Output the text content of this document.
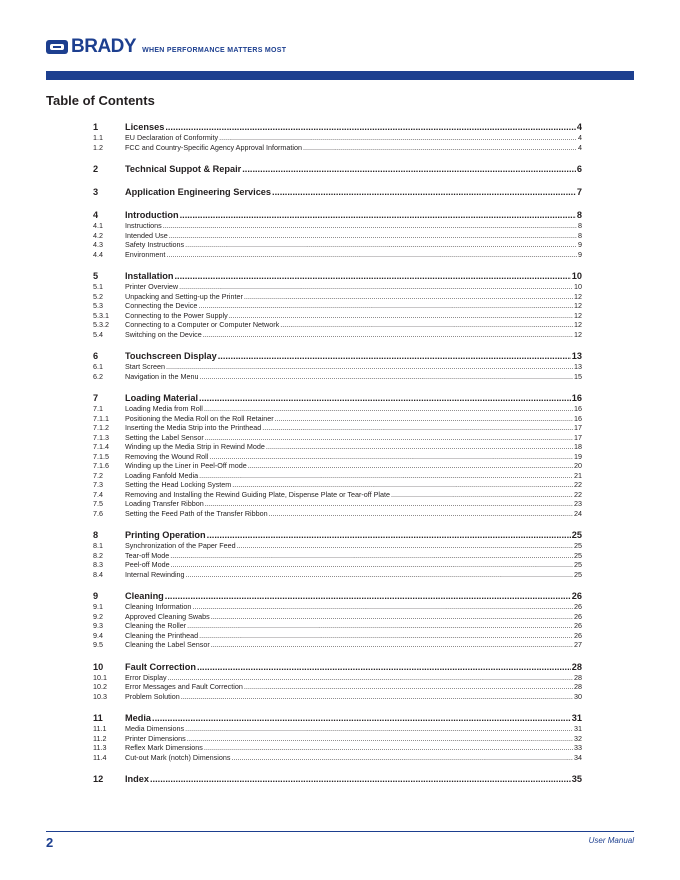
BRADY WHEN PERFORMANCE MATTERS MOST
Table of Contents
1	Licenses .....	4
1.1	EU Declaration of Conformity .....	4
1.2	FCC and Country-Specific Agency Approval Information .....	4
2	Technical Suppot & Repair .....	6
3	Application Engineering Services .....	7
4	Introduction .....	8
4.1	Instructions .....	8
4.2	Intended Use .....	8
4.3	Safety Instructions .....	9
4.4	Environment .....	9
5	Installation .....	10
5.1	Printer Overview .....	10
5.2	Unpacking and Setting-up the Printer .....	12
5.3	Connecting the Device .....	12
5.3.1	Connecting to the Power Supply .....	12
5.3.2	Connecting to a Computer or Computer Network .....	12
5.4	Switching on the Device .....	12
6	Touchscreen Display .....	13
6.1	Start Screen .....	13
6.2	Navigation in the Menu .....	15
7	Loading Material .....	16
7.1	Loading Media from Roll .....	16
7.1.1	Positioning the Media Roll on the Roll Retainer .....	16
7.1.2	Inserting the Media Strip into the Printhead .....	17
7.1.3	Setting the Label Sensor .....	17
7.1.4	Winding up the Media Strip in Rewind Mode .....	18
7.1.5	Removing the Wound Roll .....	19
7.1.6	Winding up the Liner in Peel-Off mode .....	20
7.2	Loading Fanfold Media .....	21
7.3	Setting the Head Locking System .....	22
7.4	Removing and Installing the Rewind Guiding Plate, Dispense Plate or Tear-off Plate .....	22
7.5	Loading Transfer Ribbon .....	23
7.6	Setting the Feed Path of the Transfer Ribbon .....	24
8	Printing Operation .....	25
8.1	Synchronization of the Paper Feed .....	25
8.2	Tear-off Mode .....	25
8.3	Peel-off Mode .....	25
8.4	Internal Rewinding .....	25
9	Cleaning .....	26
9.1	Cleaning Information .....	26
9.2	Approved Cleaning Swabs .....	26
9.3	Cleaning the Roller .....	26
9.4	Cleaning the Printhead .....	26
9.5	Cleaning the Label Sensor .....	27
10	Fault Correction .....	28
10.1	Error Display .....	28
10.2	Error Messages and Fault Correction .....	28
10.3	Problem Solution .....	30
11	Media .....	31
11.1	Media Dimensions .....	31
11.2	Printer Dimensions .....	32
11.3	Reflex Mark Dimensions .....	33
11.4	Cut-out Mark (notch) Dimensions .....	34
12	Index .....	35
2	User Manual
